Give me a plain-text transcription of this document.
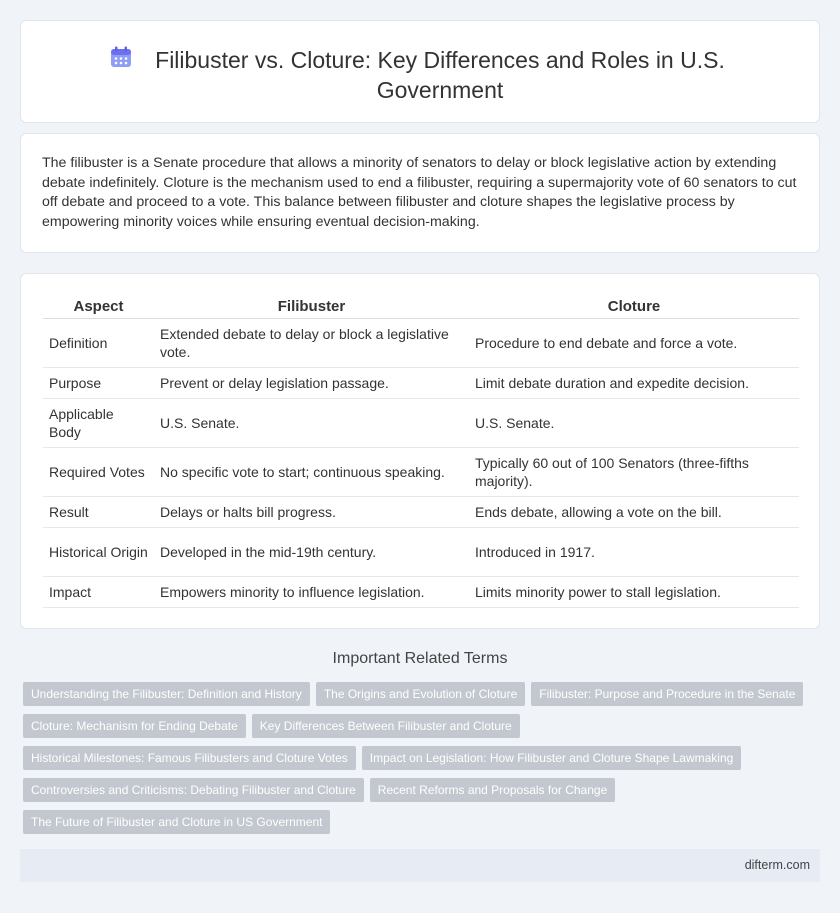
Filibuster vs. Cloture: Key Differences and Roles in U.S. Government

The filibuster is a Senate procedure that allows a minority of senators to delay or block legislative action by extending debate indefinitely. Cloture is the mechanism used to end a filibuster, requiring a supermajority vote of 60 senators to cut off debate and proceed to a vote. This balance between filibuster and cloture shapes the legislative process by empowering minority voices while ensuring eventual decision-making.

Aspect	Filibuster	Cloture
Definition	Extended debate to delay or block a legislative vote.	Procedure to end debate and force a vote.
Purpose	Prevent or delay legislation passage.	Limit debate duration and expedite decision.
Applicable Body	U.S. Senate.	U.S. Senate.
Required Votes	No specific vote to start; continuous speaking.	Typically 60 out of 100 Senators (three-fifths majority).
Result	Delays or halts bill progress.	Ends debate, allowing a vote on the bill.
Historical Origin	Developed in the mid-19th century.	Introduced in 1917.
Impact	Empowers minority to influence legislation.	Limits minority power to stall legislation.
Important Related Terms
Understanding the Filibuster: Definition and History The Origins and Evolution of Cloture Filibuster: Purpose and Procedure in the Senate
Cloture: Mechanism for Ending Debate Key Differences Between Filibuster and Cloture
Historical Milestones: Famous Filibusters and Cloture Votes Impact on Legislation: How Filibuster and Cloture Shape Lawmaking
Controversies and Criticisms: Debating Filibuster and Cloture Recent Reforms and Proposals for Change
The Future of Filibuster and Cloture in US Government
difterm.com
